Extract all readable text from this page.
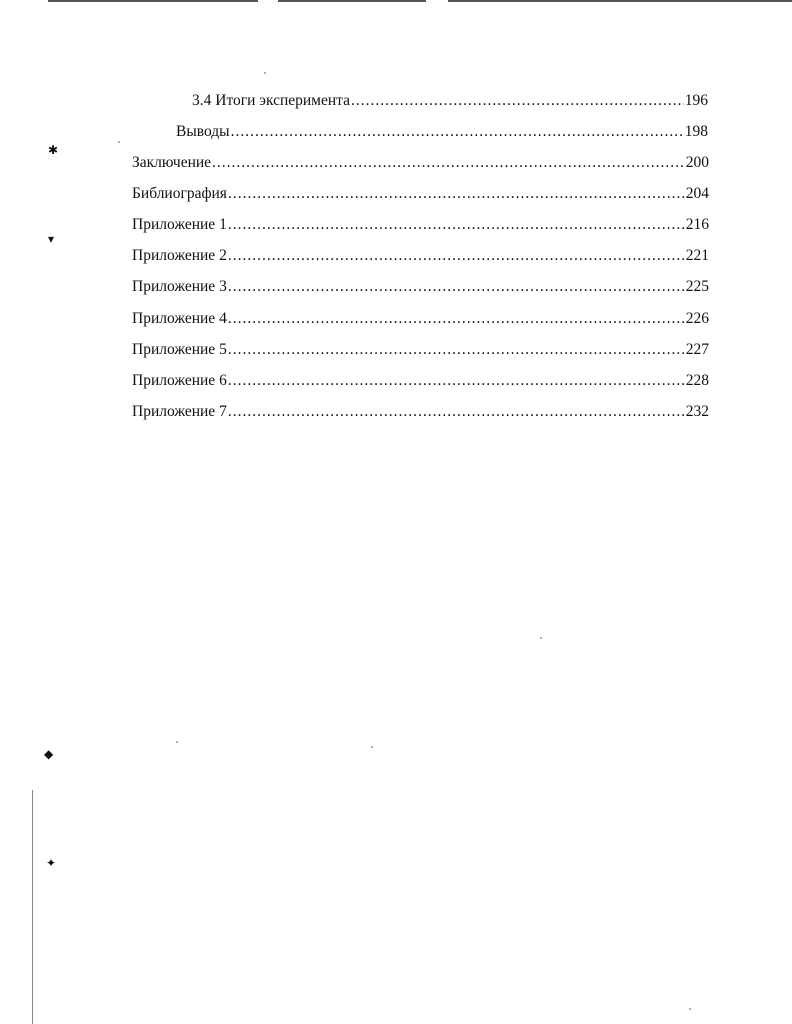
✱
▾
◆
✦
3.4 Итоги эксперимента .....	196
Выводы .....	198
Заключение .....	200
Библиография .....	204
Приложение 1 .....	216
Приложение 2 .....	221
Приложение 3 .....	225
Приложение 4 .....	226
Приложение 5 .....	227
Приложение 6 .....	228
Приложение 7 .....	232
